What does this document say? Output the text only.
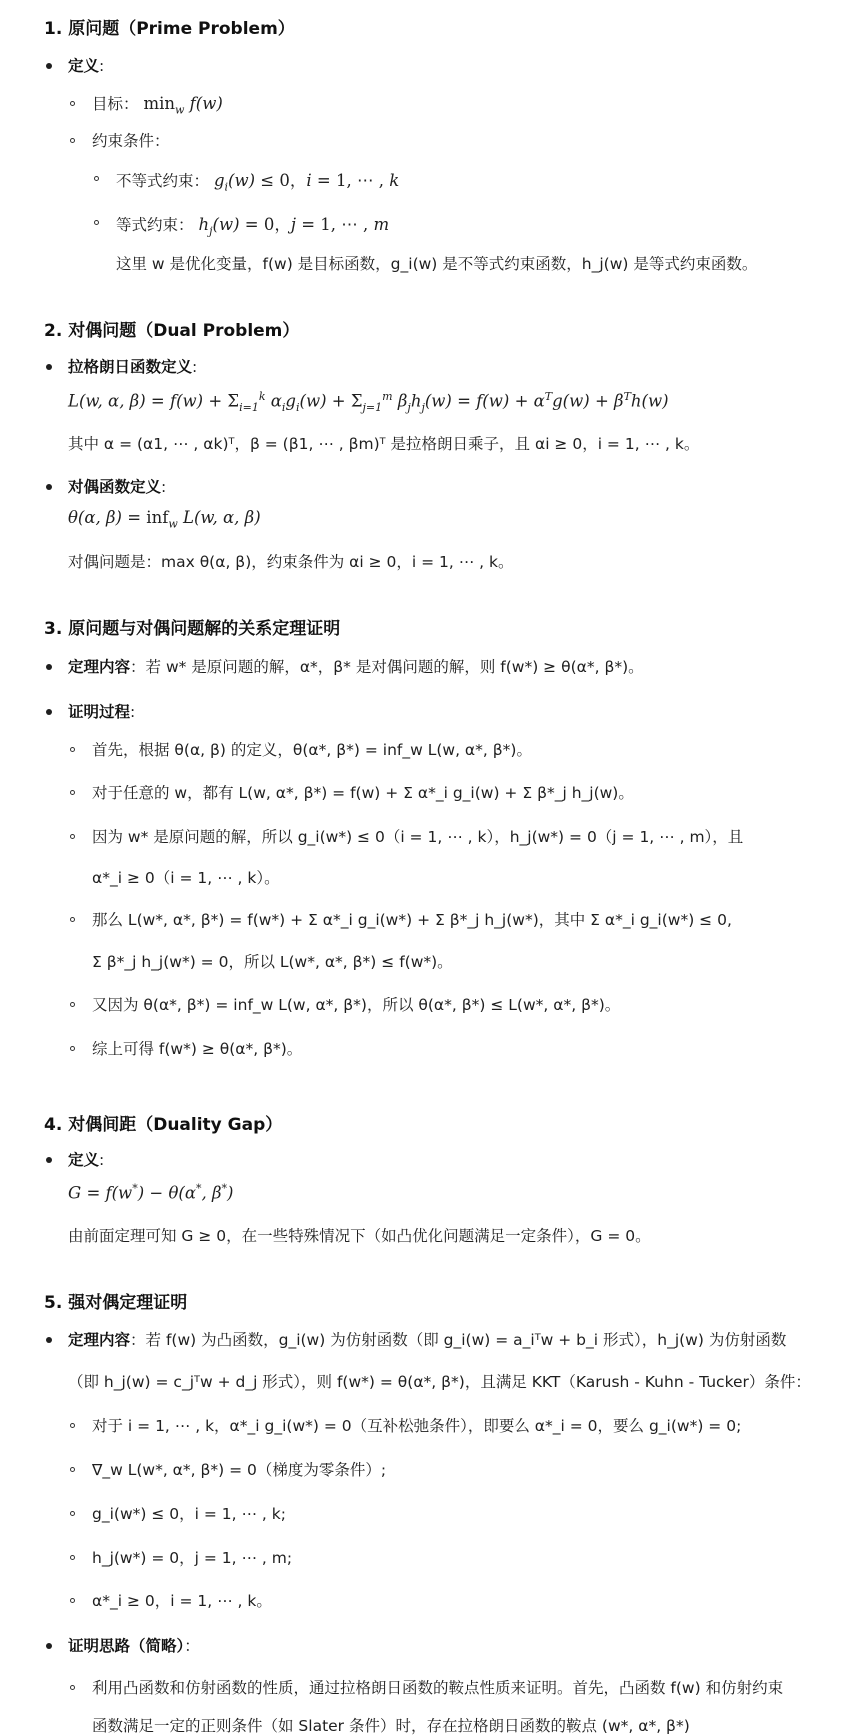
1. 原问题（Prime Problem）

定义:

目标： $\min_w f(w)$

约束条件：

不等式约束： $g_i(w) \le 0$，i = 1, ⋯ , k

等式约束： $h_j(w) = 0$，j = 1, ⋯ , m

这里 w 是优化变量，f(w) 是目标函数，g_i(w) 是不等式约束函数，h_j(w) 是等式约束函数。

2. 对偶问题（Dual Problem）

拉格朗日函数定义:

L(w, α, $\beta) = f(w) + \Sigma_{i=1}^k$ $\alpha_ig_i(w) + \Sigma_{j=1}^m$ $\beta_jh_j(w) = f(w) + \alpha^Tg(w) + \beta^Th(w)$

其中 α = (α1, ⋯ , αk)ᵀ，β = (β1, ⋯ , βm)ᵀ 是拉格朗日乘子，且 αi ≥ 0，i = 1, ⋯ , k。

对偶函数定义:

θ(α, β) = inf$_w$ L(w, α, β)

对偶问题是：max θ(α, β)，约束条件为 αi ≥ 0，i = 1, ⋯ , k。

3. 原问题与对偶问题解的关系定理证明

定理内容：若 w* 是原问题的解，α*，β* 是对偶问题的解，则 f(w*) ≥ θ(α*, β*)。

证明过程:

首先，根据 θ(α, β) 的定义，θ(α*, β*) = inf_w L(w, α*, β*)。

对于任意的 w，都有 L(w, α*, β*) = f(w) + Σ α*_i g_i(w) + Σ β*_j h_j(w)。

因为 w* 是原问题的解，所以 g_i(w*) ≤ 0（i = 1, ⋯ , k），h_j(w*) = 0（j = 1, ⋯ , m），且

α*_i ≥ 0（i = 1, ⋯ , k）。

那么 L(w*, α*, β*) = f(w*) + Σ α*_i g_i(w*) + Σ β*_j h_j(w*)，其中 Σ α*_i g_i(w*) ≤ 0,

Σ β*_j h_j(w*) = 0，所以 L(w*, α*, β*) ≤ f(w*)。

又因为 θ(α*, β*) = inf_w L(w, α*, β*)，所以 θ(α*, β*) ≤ L(w*, α*, β*)。

综上可得 f(w*) ≥ θ(α*, β*)。

4. 对偶间距（Duality Gap）

定义:

G = f(w*) − θ(α*, β*)

由前面定理可知 G ≥ 0，在一些特殊情况下（如凸优化问题满足一定条件），G = 0。

5. 强对偶定理证明

定理内容：若 f(w) 为凸函数，g_i(w) 为仿射函数（即 g_i(w) = a_iᵀw + b_i 形式），h_j(w) 为仿射函数

（即 h_j(w) = c_jᵀw + d_j 形式），则 f(w*) = θ(α*, β*)，且满足 KKT（Karush - Kuhn - Tucker）条件：

对于 i = 1, ⋯ , k，α*_i g_i(w*) = 0（互补松弛条件），即要么 α*_i = 0，要么 g_i(w*) = 0;

∇_w L(w*, α*, β*) = 0（梯度为零条件）;

g_i(w*) ≤ 0，i = 1, ⋯ , k;

h_j(w*) = 0，j = 1, ⋯ , m;

α*_i ≥ 0，i = 1, ⋯ , k。

证明思路（简略）：

利用凸函数和仿射函数的性质，通过拉格朗日函数的鞍点性质来证明。首先，凸函数 f(w) 和仿射约束

函数满足一定的正则条件（如 Slater 条件）时，存在拉格朗日函数的鞍点 (w*, α*, β*)
